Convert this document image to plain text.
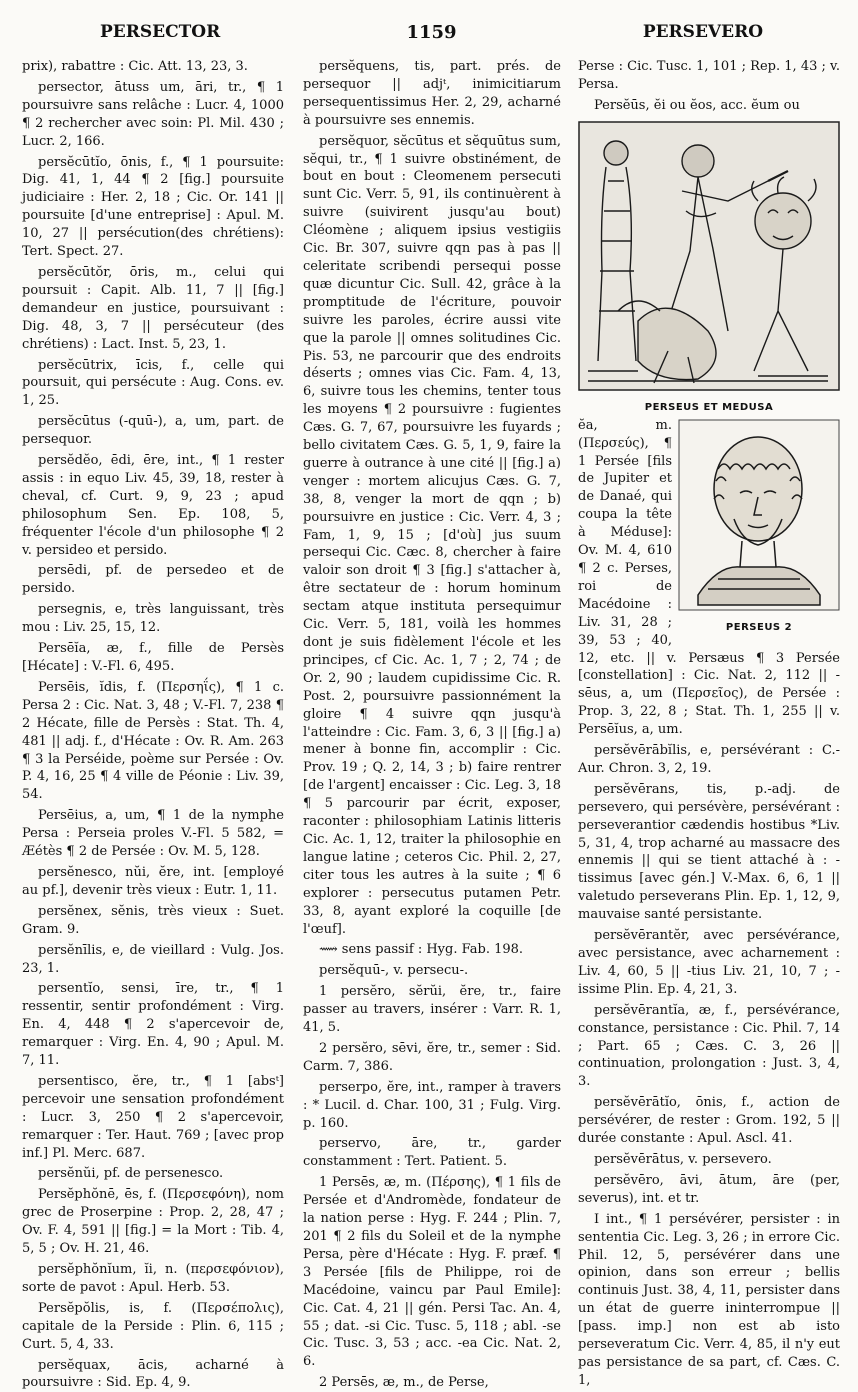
PERSECTOR	1159	PERSEVERO

prix), rabattre : Cic. Att. 13, 23, 3.

persector, ātuss um, āri, tr., ¶ 1 poursuivre sans relâche : Lucr. 4, 1000 ¶ 2 rechercher avec soin: Pl. Mil. 430 ; Lucr. 2, 166.

persĕcūtĭo, ōnis, f., ¶ 1 poursuite: Dig. 41, 1, 44 ¶ 2 [fig.] poursuite judiciaire : Her. 2, 18 ; Cic. Or. 141 || poursuite [d'une entreprise] : Apul. M. 10, 27 || persécution(des chrétiens): Tert. Spect. 27.

persĕcūtŏr, ōris, m., celui qui poursuit : Capit. Alb. 11, 7 || [fig.] demandeur en justice, poursuivant : Dig. 48, 3, 7 || persécuteur (des chrétiens) : Lact. Inst. 5, 23, 1.

persĕcūtrix, īcis, f., celle qui poursuit, qui persécute : Aug. Cons. ev. 1, 25.

persĕcūtus (-quū-), a, um, part. de persequor.

persĕdĕo, ēdi, ēre, int., ¶ 1 rester assis : in equo Liv. 45, 39, 18, rester à cheval, cf. Curt. 9, 9, 23 ; apud philosophum Sen. Ep. 108, 5, fréquenter l'école d'un philosophe ¶ 2 v. persideo et persido.

persēdi, pf. de persedeo et de persido.

persegnis, e, très languissant, très mou : Liv. 25, 15, 12.

Persēĭa, æ, f., fille de Persès [Hécate] : V.-Fl. 6, 495.

Persēis, ĭdis, f. (Περσηΐς), ¶ 1 c. Persa 2 : Cic. Nat. 3, 48 ; V.-Fl. 7, 238 ¶ 2 Hécate, fille de Persès : Stat. Th. 4, 481 || adj. f., d'Hécate : Ov. R. Am. 263 ¶ 3 la Perséide, poème sur Persée : Ov. P. 4, 16, 25 ¶ 4 ville de Péonie : Liv. 39, 54.

Persēius, a, um, ¶ 1 de la nymphe Persa : Perseia proles V.-Fl. 5 582, = Æétès ¶ 2 de Persée : Ov. M. 5, 128.

persĕnesco, nŭi, ĕre, int. [employé au pf.], devenir très vieux : Eutr. 1, 11.

persĕnex, sĕnis, très vieux : Suet. Gram. 9.

persĕnīlis, e, de vieillard : Vulg. Jos. 23, 1.

persentĭo, sensi, īre, tr., ¶ 1 ressentir, sentir profondément : Virg. En. 4, 448 ¶ 2 s'apercevoir de, remarquer : Virg. En. 4, 90 ; Apul. M. 7, 11.

persentisco, ĕre, tr., ¶ 1 [absᵗ] percevoir une sensation profondément : Lucr. 3, 250 ¶ 2 s'apercevoir, remarquer : Ter. Haut. 769 ; [avec prop inf.] Pl. Merc. 687.

persĕnŭi, pf. de persenesco.

Persĕphŏnē, ēs, f. (Περσεφόνη), nom grec de Proserpine : Prop. 2, 28, 47 ; Ov. F. 4, 591 || [fig.] = la Mort : Tib. 4, 5, 5 ; Ov. H. 21, 46.

persĕphŏnĭum, ĭi, n. (περσεφόνιον), sorte de pavot : Apul. Herb. 53.

Persĕpŏlis, is, f. (Περσέπολις), capitale de la Perside : Plin. 6, 115 ; Curt. 5, 4, 33.

persĕquax, ācis, acharné à poursuivre : Sid. Ep. 4, 9.

persĕquens, tis, part. prés. de persequor || adjᵗ, inimicitiarum persequentissimus Her. 2, 29, acharné à poursuivre ses ennemis.

persĕquor, sĕcūtus et sĕquūtus sum, sĕqui, tr., ¶ 1 suivre obstinément, de bout en bout : Cleomenem persecuti sunt Cic. Verr. 5, 91, ils continuèrent à suivre (suivirent jusqu'au bout) Cléomène ; aliquem ipsius vestigiis Cic. Br. 307, suivre qqn pas à pas || celeritate scribendi persequi posse quæ dicuntur Cic. Sull. 42, grâce à la promptitude de l'écriture, pouvoir suivre les paroles, écrire aussi vite que la parole || omnes solitudines Cic. Pis. 53, ne parcourir que des endroits déserts ; omnes vias Cic. Fam. 4, 13, 6, suivre tous les chemins, tenter tous les moyens ¶ 2 poursuivre : fugientes Cæs. G. 7, 67, poursuivre les fuyards ; bello civitatem Cæs. G. 5, 1, 9, faire la guerre à outrance à une cité || [fig.] a) venger : mortem alicujus Cæs. G. 7, 38, 8, venger la mort de qqn ; b) poursuivre en justice : Cic. Verr. 4, 3 ; Fam, 1, 9, 15 ; [d'où] jus suum persequi Cic. Cæc. 8, chercher à faire valoir son droit ¶ 3 [fig.] s'attacher à, être sectateur de : horum hominum sectam atque instituta persequimur Cic. Verr. 5, 181, voilà les hommes dont je suis fidèlement l'école et les principes, cf Cic. Ac. 1, 7 ; 2, 74 ; de Or. 2, 90 ; laudem cupidissime Cic. R. Post. 2, poursuivre passionnément la gloire ¶ 4 suivre qqn jusqu'à l'atteindre : Cic. Fam. 3, 6, 3 || [fig.] a) mener à bonne fin, accomplir : Cic. Prov. 19 ; Q. 2, 14, 3 ; b) faire rentrer [de l'argent] encaisser : Cic. Leg. 3, 18 ¶ 5 parcourir par écrit, exposer, raconter : philosophiam Latinis litteris Cic. Ac. 1, 12, traiter la philosophie en langue latine ; ceteros Cic. Phil. 2, 27, citer tous les autres à la suite ; ¶ 6 explorer : persecutus putamen Petr. 33, 8, ayant exploré la coquille [de l'œuf].

⟿ sens passif : Hyg. Fab. 198.

persĕquū-, v. persecu-.

1 persĕro, sĕrŭi, ĕre, tr., faire passer au travers, insérer : Varr. R. 1, 41, 5.

2 persĕro, sēvi, ĕre, tr., semer : Sid. Carm. 7, 386.

perserpo, ĕre, int., ramper à travers : * Lucil. d. Char. 100, 31 ; Fulg. Virg. p. 160.

perservo, āre, tr., garder constamment : Tert. Patient. 5.

1 Persēs, æ, m. (Πέρσης), ¶ 1 fils de Persée et d'Andromède, fondateur de la nation perse : Hyg. F. 244 ; Plin. 7, 201 ¶ 2 fils du Soleil et de la nymphe Persa, père d'Hécate : Hyg. F. præf. ¶ 3 Persée [fils de Philippe, roi de Macédoine, vaincu par Paul Emile]: Cic. Cat. 4, 21 || gén. Persi Tac. An. 4, 55 ; dat. -si Cic. Tusc. 5, 118 ; abl. -se Cic. Tusc. 3, 53 ; acc. -ea Cic. Nat. 2, 6.

2 Persēs, æ, m., de Perse,

Perse : Cic. Tusc. 1, 101 ; Rep. 1, 43 ; v. Persa.

Persĕūs, ĕi ou ĕos, acc. ĕum ou

PERSEUS ET MEDUSA
PERSEUS 2

ĕa, m. (Περσεύς), ¶ 1 Persée [fils de Jupiter et de Danaé, qui coupa la tête à Méduse]: Ov. M. 4, 610 ¶ 2 c. Perses, roi de Macédoine : Liv. 31, 28 ; 39, 53 ; 40, 12, etc. || v. Persæus ¶ 3 Persée [constellation] : Cic. Nat. 2, 112 || -sēus, a, um (Περσεῖος), de Persée : Prop. 3, 22, 8 ; Stat. Th. 1, 255 || v. Persēĭus, a, um.

persĕvērābĭlis, e, persévérant : C.-Aur. Chron. 3, 2, 19.

persĕvērans, tis, p.-adj. de persevero, qui persévère, persévérant : perseverantior cædendis hostibus *Liv. 5, 31, 4, trop acharné au massacre des ennemis || qui se tient attaché à : -tissimus [avec gén.] V.-Max. 6, 6, 1 || valetudo perseverans Plin. Ep. 1, 12, 9, mauvaise santé persistante.

persĕvērantĕr, avec persévérance, avec persistance, avec acharnement : Liv. 4, 60, 5 || -tius Liv. 21, 10, 7 ; -issime Plin. Ep. 4, 21, 3.

persĕvērantĭa, æ, f., persévérance, constance, persistance : Cic. Phil. 7, 14 ; Part. 65 ; Cæs. C. 3, 26 || continuation, prolongation : Just. 3, 4, 3.

persĕvērātĭo, ōnis, f., action de persévérer, de rester : Grom. 192, 5 || durée constante : Apul. Ascl. 41.

persĕvērātus, v. persevero.

persĕvēro, āvi, ātum, āre (per, severus), int. et tr.

I int., ¶ 1 persévérer, persister : in sententia Cic. Leg. 3, 26 ; in errore Cic. Phil. 12, 5, persévérer dans une opinion, dans son erreur ; bellis continuis Just. 38, 4, 11, persister dans un état de guerre ininterrompue || [pass. imp.] non est ab isto perseveratum Cic. Verr. 4, 85, il n'y eut pas persistance de sa part, cf. Cæs. C. 1,
